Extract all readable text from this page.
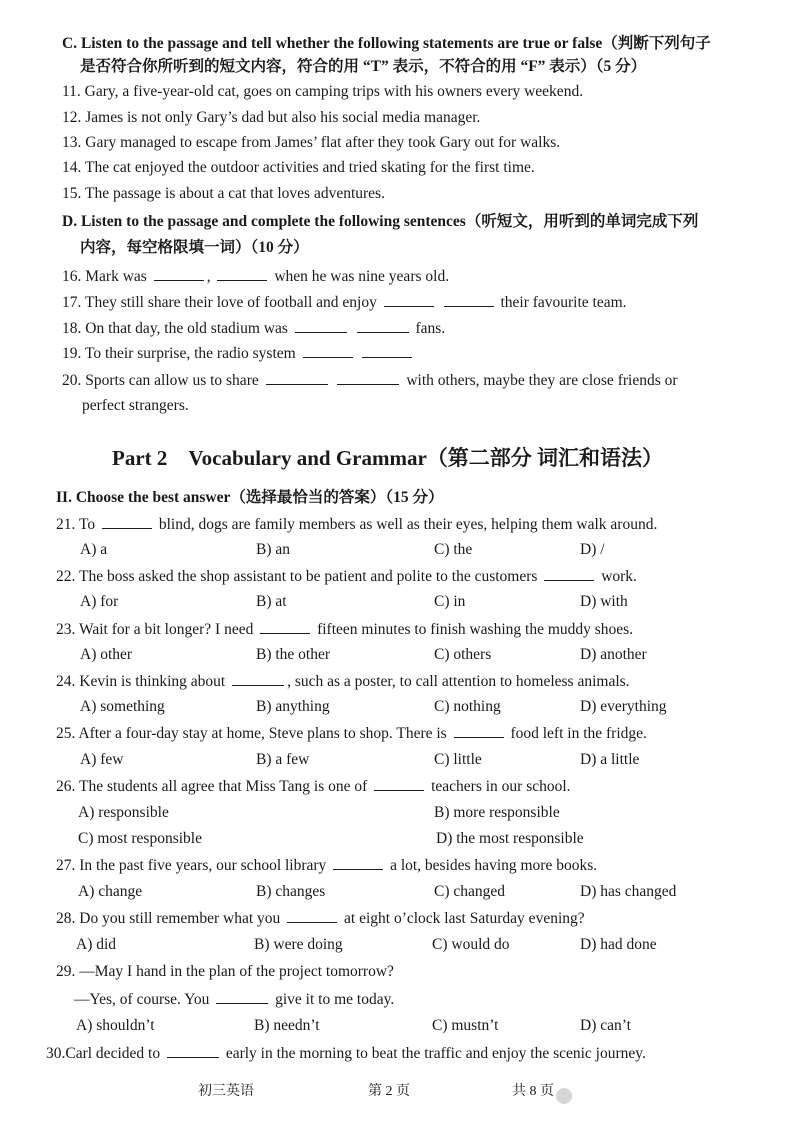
C. Listen to the passage and tell whether the following statements are true or false（判断下列句子
是否符合你所听到的短文内容，符合的用 “T” 表示，不符合的用 “F” 表示）（5 分）
11. Gary, a five-year-old cat, goes on camping trips with his owners every weekend.
12. James is not only Gary’s dad but also his social media manager.
13. Gary managed to escape from James’ flat after they took Gary out for walks.
14. The cat enjoyed the outdoor activities and tried skating for the first time.
15. The passage is about a cat that loves adventures.
D. Listen to the passage and complete the following sentences（听短文，用听到的单词完成下列
内容，每空格限填一词）（10 分）
16. Mark was	,	when he was nine years old.
17. They still share their love of football and enjoy	their favourite team.
18. On that day, the old stadium was	fans.
19. To their surprise, the radio system
20. Sports can allow us to share	with others, maybe they are close friends or
perfect strangers.
Part 2　Vocabulary and Grammar（第二部分 词汇和语法）
II. Choose the best answer（选择最恰当的答案）（15 分）
21. To	blind, dogs are family members as well as their eyes, helping them walk around.
A) a	B) an	C) the	D) /
22. The boss asked the shop assistant to be patient and polite to the customers	work.
A) for	B) at	C) in	D) with
23. Wait for a bit longer? I need	fifteen minutes to finish washing the muddy shoes.
A) other	B) the other	C) others	D) another
24. Kevin is thinking about	, such as a poster, to call attention to homeless animals.
A) something	B) anything	C) nothing	D) everything
25. After a four-day stay at home, Steve plans to shop. There is	food left in the fridge.
A) few	B) a few	C) little	D) a little
26. The students all agree that Miss Tang is one of	teachers in our school.
A) responsible	B) more responsible
C) most responsible	D) the most responsible
27. In the past five years, our school library	a lot, besides having more books.
A) change	B) changes	C) changed	D) has changed
28. Do you still remember what you	at eight o’clock last Saturday evening?
A) did	B) were doing	C) would do	D) had done
29. —May I hand in the plan of the project tomorrow?
—Yes, of course. You	give it to me today.
A) shouldn’t	B) needn’t	C) mustn’t	D) can’t
30.Carl decided to	early in the morning to beat the traffic and enjoy the scenic journey.
初三英语	第 2 页	共 8 页
